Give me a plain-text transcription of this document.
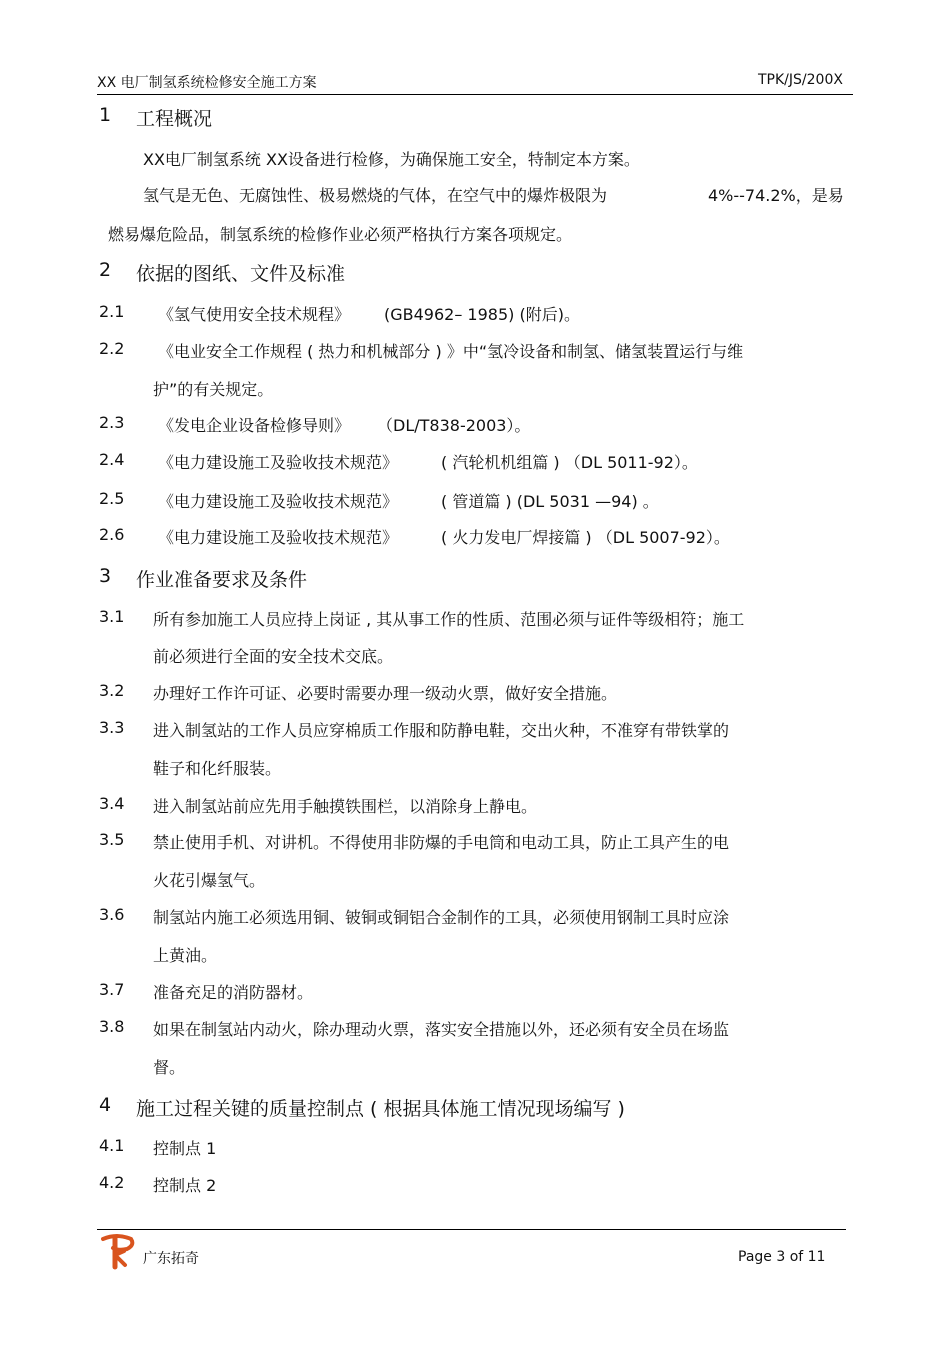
XX 电厂制氢系统检修安全施工方案	TPK/JS/200X
1 工程概况
XX电厂制氢系统 XX设备进行检修，为确保施工安全，特制定本方案。
氢气是无色、无腐蚀性、极易燃烧的气体，在空气中的爆炸极限为	4%--74.2%，是易
燃易爆危险品，制氢系统的检修作业必须严格执行方案各项规定。
2 依据的图纸、文件及标准
2.1 《氢气使用安全技术规程》 (GB4962– 1985) (附后)。
2.2 《电业安全工作规程 ( 热力和机械部分 ) 》中“氢冷设备和制氢、储氢装置运行与维
护”的有关规定。
2.3 《发电企业设备检修导则》 （DL/T838-2003）。
2.4 《电力建设施工及验收技术规范》	( 汽轮机机组篇 ) （DL 5011-92）。
2.5 《电力建设施工及验收技术规范》	( 管道篇 ) (DL 5031 —94) 。
2.6 《电力建设施工及验收技术规范》	( 火力发电厂焊接篇 ) （DL 5007-92）。
3 作业准备要求及条件
3.1 所有参加施工人员应持上岗证 , 其从事工作的性质、范围必须与证件等级相符；施工
前必须进行全面的安全技术交底。
3.2 办理好工作许可证、必要时需要办理一级动火票，做好安全措施。
3.3 进入制氢站的工作人员应穿棉质工作服和防静电鞋，交出火种，不准穿有带铁掌的
鞋子和化纤服装。
3.4 进入制氢站前应先用手触摸铁围栏，以消除身上静电。
3.5 禁止使用手机、对讲机。不得使用非防爆的手电筒和电动工具，防止工具产生的电
火花引爆氢气。
3.6 制氢站内施工必须选用铜、铍铜或铜铝合金制作的工具，必须使用钢制工具时应涂
上黄油。
3.7 准备充足的消防器材。
3.8 如果在制氢站内动火，除办理动火票，落实安全措施以外，还必须有安全员在场监
督。
4 施工过程关键的质量控制点 ( 根据具体施工情况现场编写 )
4.1 控制点 1
4.2 控制点 2
广东拓奇	Page 3 of 11
